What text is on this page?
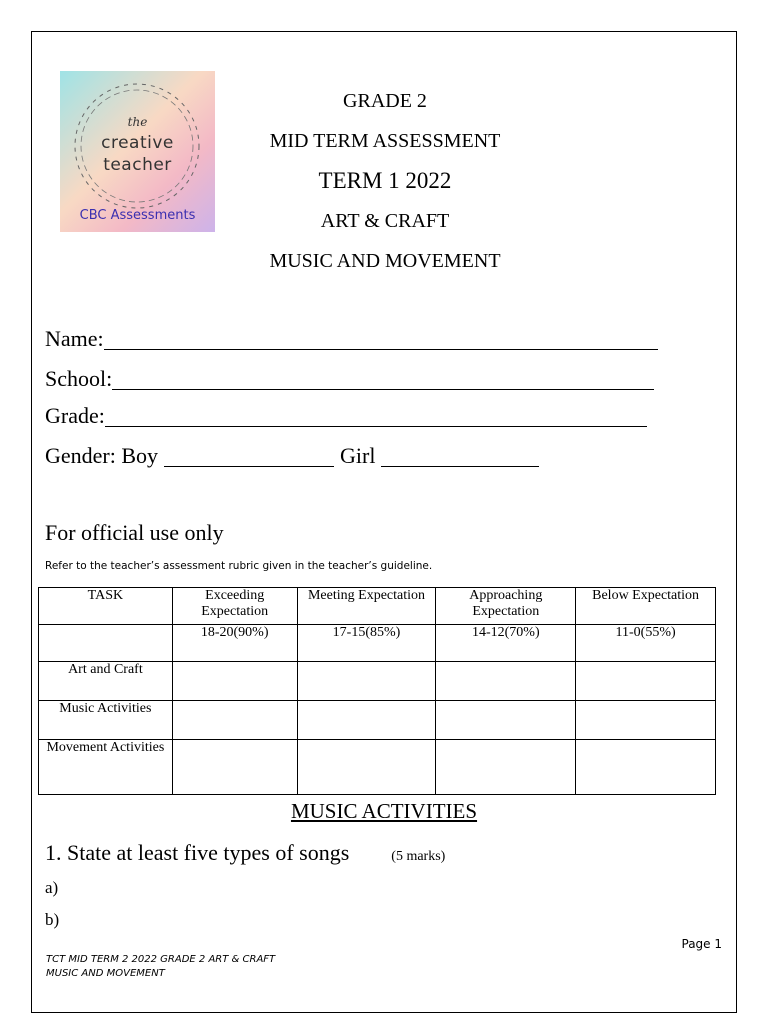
the
creative
teacher
CBC Assessments
GRADE 2
MID TERM ASSESSMENT
TERM 1 2022
ART & CRAFT
MUSIC AND MOVEMENT
Name:
School:
Grade:
Gender: Boy	Girl
For official use only
Refer to the teacher’s assessment rubric given in the teacher’s guideline.
TASK	Exceeding Expectation	Meeting Expectation	Approaching Expectation	Below Expectation
	18-20(90%)	17-15(85%)	14-12(70%)	11-0(55%)
Art and Craft				
Music Activities				
Movement Activities				
MUSIC ACTIVITIES
1. State at least five types of songs	(5 marks)
a)
b)
Page 1
TCT MID TERM 2 2022 GRADE 2 ART & CRAFT
MUSIC AND MOVEMENT
